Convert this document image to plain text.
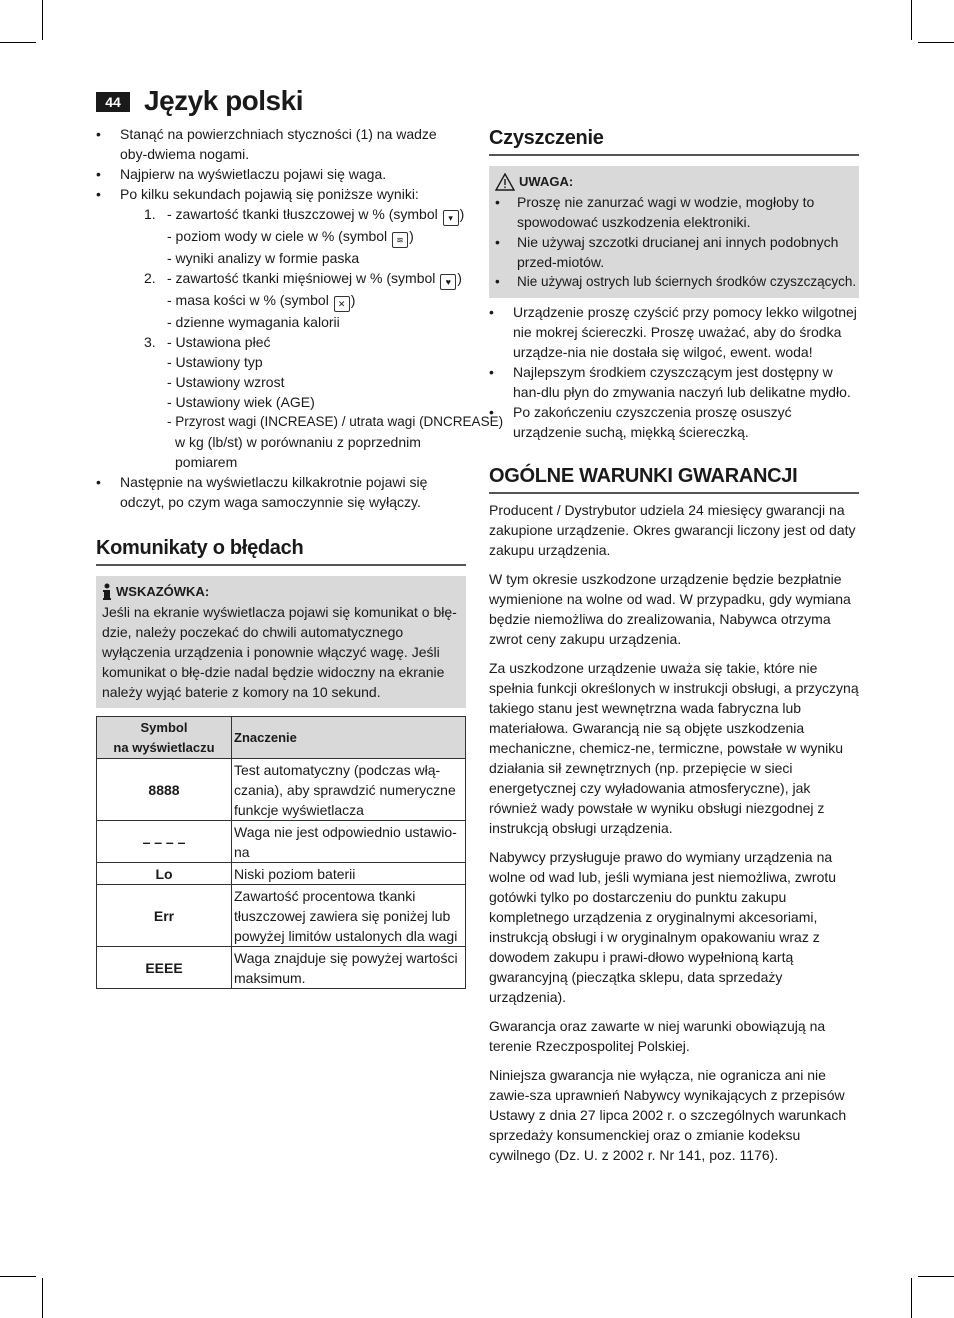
44 Język polski
• Stanąć na powierzchniach styczności (1) na wadze oby-dwiema nogami.
• Najpierw na wyświetlaczu pojawi się waga.
• Po kilku sekundach pojawią się poniższe wyniki:
1. - zawartość tkanki tłuszczowej w % (symbol ▾ )
- poziom wody w ciele w % (symbol ≋ )
- wyniki analizy w formie paska
2. - zawartość tkanki mięśniowej w % (symbol ♥ )
- masa kości w % (symbol ✕ )
- dzienne wymagania kalorii
3. - Ustawiona płeć
- Ustawiony typ
- Ustawiony wzrost
- Ustawiony wiek (AGE)
- Przyrost wagi (INCREASE) / utrata wagi (DNCREASE)
w kg (lb/st) w porównaniu z poprzednim pomiarem
• Następnie na wyświetlaczu kilkakrotnie pojawi się odczyt, po czym waga samoczynnie się wyłączy.
Komunikaty o błędach
WSKAZÓWKA:
Jeśli na ekranie wyświetlacza pojawi się komunikat o błę-dzie, należy poczekać do chwili automatycznego wyłączenia urządzenia i ponownie włączyć wagę. Jeśli komunikat o błę-dzie nadal będzie widoczny na ekranie należy wyjąć baterie z komory na 10 sekund.
Symbol
na wyświetlaczu	Znaczenie
8888	Test automatyczny (podczas włą-czania), aby sprawdzić numeryczne funkcje wyświetlacza
– – – –	Waga nie jest odpowiednio ustawio-na
Lo	Niski poziom baterii
Err	Zawartość procentowa tkanki tłuszczowej zawiera się poniżej lub powyżej limitów ustalonych dla wagi
EEEE	Waga znajduje się powyżej wartości maksimum.
Czyszczenie
UWAGA:
• Proszę nie zanurzać wagi w wodzie, mogłoby to spowodować uszkodzenia elektroniki.
• Nie używaj szczotki drucianej ani innych podobnych przed-miotów.
• Nie używaj ostrych lub ściernych środków czyszczących.
• Urządzenie proszę czyścić przy pomocy lekko wilgotnej nie mokrej ściereczki. Proszę uważać, aby do środka urządze-nia nie dostała się wilgoć, ewent. woda!
• Najlepszym środkiem czyszczącym jest dostępny w han-dlu płyn do zmywania naczyń lub delikatne mydło.
• Po zakończeniu czyszczenia proszę osuszyć urządzenie suchą, miękką ściereczką.
OGÓLNE WARUNKI GWARANCJI

Producent / Dystrybutor udziela 24 miesięcy gwarancji na zakupione urządzenie. Okres gwarancji liczony jest od daty zakupu urządzenia.

W tym okresie uszkodzone urządzenie będzie bezpłatnie wymienione na wolne od wad. W przypadku, gdy wymiana będzie niemożliwa do zrealizowania, Nabywca otrzyma zwrot ceny zakupu urządzenia.

Za uszkodzone urządzenie uważa się takie, które nie spełnia funkcji określonych w instrukcji obsługi, a przyczyną takiego stanu jest wewnętrzna wada fabryczna lub materiałowa. Gwarancją nie są objęte uszkodzenia mechaniczne, chemicz-ne, termiczne, powstałe w wyniku działania sił zewnętrznych (np. przepięcie w sieci energetycznej czy wyładowania atmosferyczne), jak również wady powstałe w wyniku obsługi niezgodnej z instrukcją obsługi urządzenia.

Nabywcy przysługuje prawo do wymiany urządzenia na wolne od wad lub, jeśli wymiana jest niemożliwa, zwrotu gotówki tylko po dostarczeniu do punktu zakupu kompletnego urządzenia z oryginalnymi akcesoriami, instrukcją obsługi i w oryginalnym opakowaniu wraz z dowodem zakupu i prawi-dłowo wypełnioną kartą gwarancyjną (pieczątka sklepu, data sprzedaży urządzenia).

Gwarancja oraz zawarte w niej warunki obowiązują na terenie Rzeczpospolitej Polskiej.

Niniejsza gwarancja nie wyłącza, nie ogranicza ani nie zawie-sza uprawnień Nabywcy wynikających z przepisów Ustawy z dnia 27 lipca 2002 r. o szczególnych warunkach sprzedaży konsumenckiej oraz o zmianie kodeksu cywilnego (Dz. U. z 2002 r. Nr 141, poz. 1176).
